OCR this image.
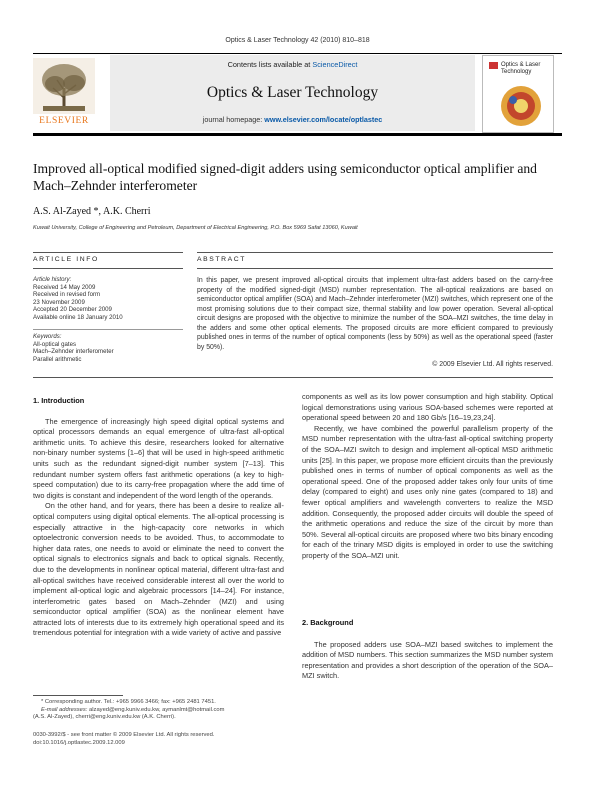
Optics & Laser Technology 42 (2010) 810–818
Contents lists available at ScienceDirect
Optics & Laser Technology
journal homepage: www.elsevier.com/locate/optlastec
ELSEVIER
Optics & Laser Technology
Improved all-optical modified signed-digit adders using semiconductor optical amplifier and Mach–Zehnder interferometer
A.S. Al-Zayed *, A.K. Cherri
Kuwait University, College of Engineering and Petroleum, Department of Electrical Engineering, P.O. Box 5969 Safat 13060, Kuwait
ARTICLE INFO	ABSTRACT
Article history:
Received 14 May 2009
Received in revised form
23 November 2009
Accepted 20 December 2009
Available online 18 January 2010
Keywords:
All-optical gates
Mach–Zehnder interferometer
Parallel arithmetic
In this paper, we present improved all-optical circuits that implement ultra-fast adders based on the carry-free property of the modified signed-digit (MSD) number representation. The all-optical realizations are based on semiconductor optical amplifier (SOA) and Mach–Zehnder interferometer (MZI) switches, which represent one of the most promising solutions due to their compact size, thermal stability and low power operation. Several all-optical circuit designs are proposed with the objective to minimize the number of the SOA–MZI switches, the time delay in the adders and some other optical elements. The proposed circuits are more efficient compared to previously published ones in terms of the number of optical components (less by 50%) as well as the operational speed (faster by 50%).
© 2009 Elsevier Ltd. All rights reserved.
1. Introduction

The emergence of increasingly high speed digital optical systems and optical processors demands an equal emergence of ultra-fast all-optical arithmetic units. To achieve this desire, researchers looked for alternative non-binary number systems [1–6] that will be used in high-speed arithmetic units such as the redundant signed-digit number system [7–13]. This redundant number system offers fast arithmetic operations (a key to high-speed computation) due to its carry-free propagation where the add time of two digits is constant and independent of the word length of the operands.

On the other hand, and for years, there has been a desire to realize all-optical computers using digital optical elements. The all-optical processing is especially attractive in the high-capacity core networks in which optoelectronic conversion needs to be avoided. Thus, to accommodate to higher data rates, one needs to avoid or eliminate the need to convert the optical signals to electronics signals and back to optical signals. Recently, due to the developments in nonlinear optical material, different ultra-fast and all-optical switches have received considerable interest all over the world to implement all-optical logic and algebraic processors [14–24]. For instance, interferometric gates based on Mach–Zehnder (MZI) and using semiconductor optical amplifier (SOA) as the nonlinear element have attracted lots of interests due to its extremely high operational speed and its tremendous potential for integration with a wide variety of active and passive

components as well as its low power consumption and high stability. Optical logical demonstrations using various SOA-based schemes were reported at operational speed between 20 and 180 Gb/s [16–19,23,24].

Recently, we have combined the powerful parallelism property of the MSD number representation with the ultra-fast all-optical switching property of the SOA–MZI switch to design and implement all-optical MSD arithmetic units [25]. In this paper, we propose more efficient circuits than the previously published ones in terms of number of optical components as well as the operational speed. One of the proposed adder takes only four units of time delay (compared to eight) and uses only nine gates (compared to 18) and fewer optical amplifiers and wavelength converters to realize the MSD addition. Consequently, the proposed adder circuits will double the speed of the arithmetic operations and reduce the size of the circuit by more than 50%. Several all-optical circuits are proposed where two bits binary encoding for each of the trinary MSD digits is employed in order to use the switching property of the SOA–MZI unit.

2. Background

The proposed adders use SOA–MZI based switches to implement the addition of MSD numbers. This section summarizes the MSD number system representation and provides a short description of the operation of the SOA–MZI switch.

* Corresponding author. Tel.: +965 9966 3466; fax: +965 2481 7451.
E-mail addresses: alzayed@eng.kuniv.edu.kw, aymanlmt@hotmail.com
(A.S. Al-Zayed), cherri@eng.kuniv.edu.kw (A.K. Cherri).
0030-3992/$ - see front matter © 2009 Elsevier Ltd. All rights reserved.
doi:10.1016/j.optlastec.2009.12.009
